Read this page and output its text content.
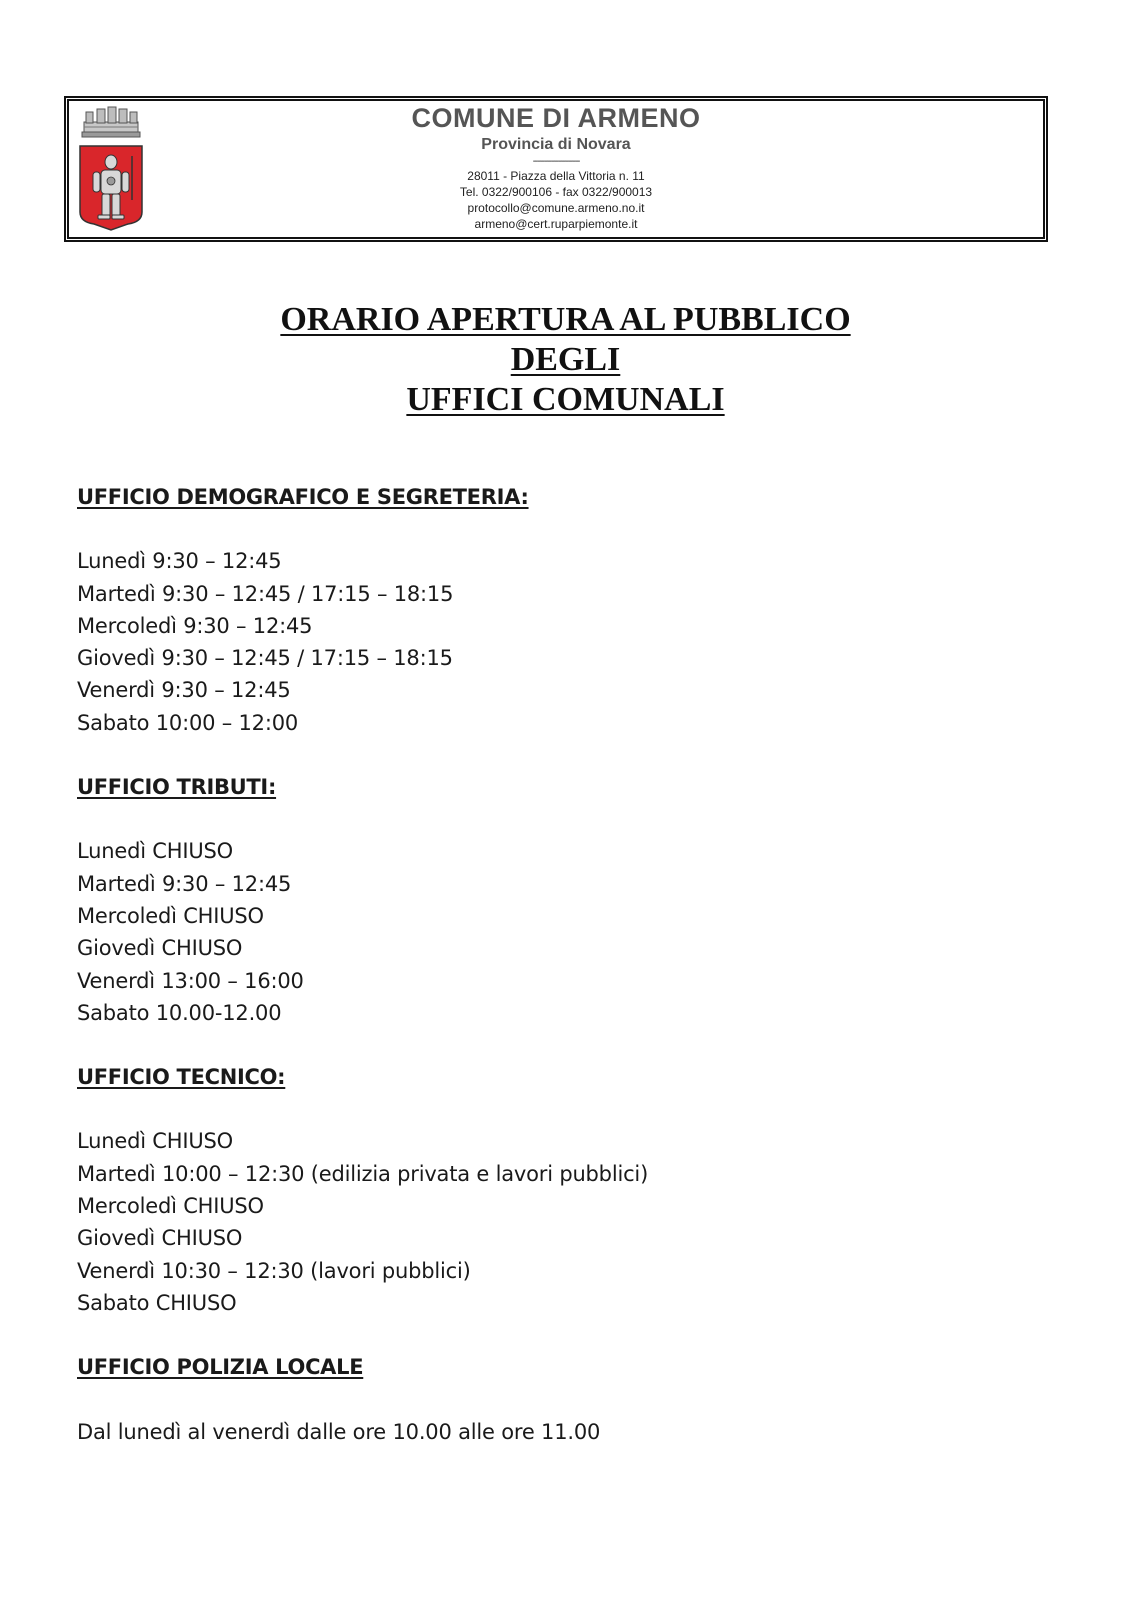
COMUNE DI ARMENO
Provincia di Novara
--------------------
28011 - Piazza della Vittoria n. 11
Tel. 0322/900106 - fax 0322/900013
protocollo@comune.armeno.no.it
armeno@cert.ruparpiemonte.it
ORARIO APERTURA AL PUBBLICO
DEGLI
UFFICI COMUNALI
UFFICIO DEMOGRAFICO E SEGRETERIA:
Lunedì 9:30 – 12:45
Martedì 9:30 – 12:45 / 17:15 – 18:15
Mercoledì 9:30 – 12:45
Giovedì 9:30 – 12:45 / 17:15 – 18:15
Venerdì 9:30 – 12:45
Sabato 10:00 – 12:00
UFFICIO TRIBUTI:
Lunedì CHIUSO
Martedì 9:30 – 12:45
Mercoledì CHIUSO
Giovedì CHIUSO
Venerdì 13:00 – 16:00
Sabato 10.00-12.00
UFFICIO TECNICO:
Lunedì CHIUSO
Martedì 10:00 – 12:30 (edilizia privata e lavori pubblici)
Mercoledì CHIUSO
Giovedì CHIUSO
Venerdì 10:30 – 12:30 (lavori pubblici)
Sabato CHIUSO
UFFICIO POLIZIA LOCALE
Dal lunedì al venerdì dalle ore 10.00 alle ore 11.00
